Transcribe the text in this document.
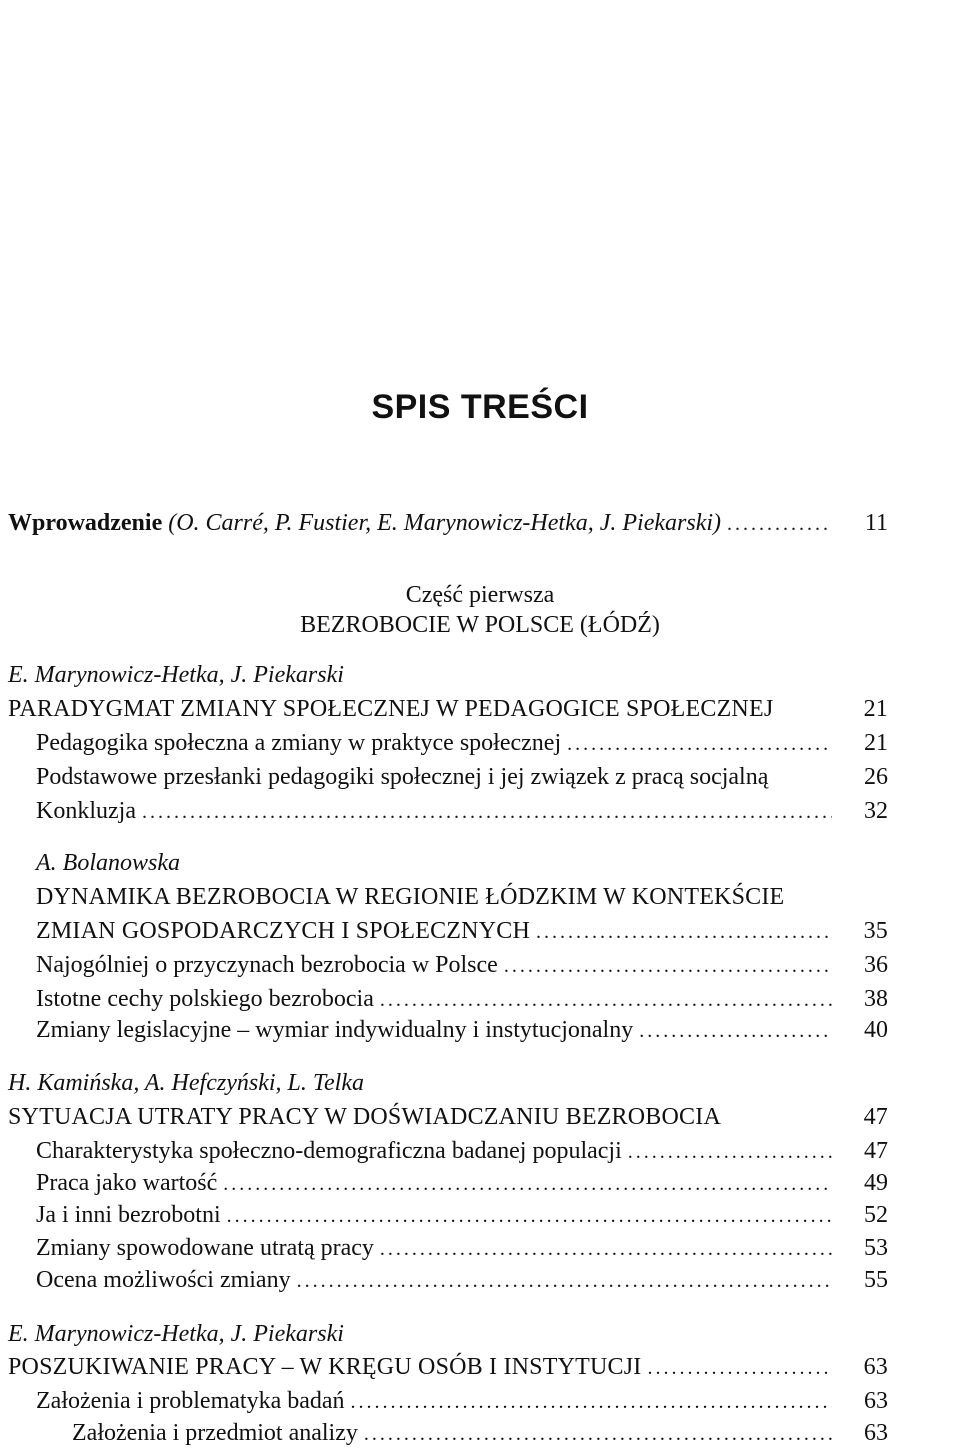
SPIS TREŚCI
Wprowadzenie (O. Carré, P. Fustier, E. Marynowicz-Hetka, J. Piekarski) . . .	11
Część pierwsza
BEZROBOCIE W POLSCE (ŁÓDŹ)
E. Marynowicz-Hetka, J. Piekarski
PARADYGMAT ZMIANY SPOŁECZNEJ W PEDAGOGICE SPOŁECZNEJ	21
Pedagogika społeczna a zmiany w praktyce społecznej . . .	21
Podstawowe przesłanki pedagogiki społecznej i jej związek z pracą socjalną	26
Konkluzja . . .	32
A. Bolanowska
DYNAMIKA BEZROBOCIA W REGIONIE ŁÓDZKIM W KONTEKŚCIE
ZMIAN GOSPODARCZYCH I SPOŁECZNYCH . . .	35
Najogólniej o przyczynach bezrobocia w Polsce . . .	36
Istotne cechy polskiego bezrobocia . . .	38
Zmiany legislacyjne – wymiar indywidualny i instytucjonalny . . .	40
H. Kamińska, A. Hefczyński, L. Telka
SYTUACJA UTRATY PRACY W DOŚWIADCZANIU BEZROBOCIA	47
Charakterystyka społeczno-demograficzna badanej populacji . . .	47
Praca jako wartość . . .	49
Ja i inni bezrobotni . . .	52
Zmiany spowodowane utratą pracy . . .	53
Ocena możliwości zmiany . . .	55
E. Marynowicz-Hetka, J. Piekarski
POSZUKIWANIE PRACY – W KRĘGU OSÓB I INSTYTUCJI . . .	63
Założenia i problematyka badań . . .	63
Założenia i przedmiot analizy . . .	63
